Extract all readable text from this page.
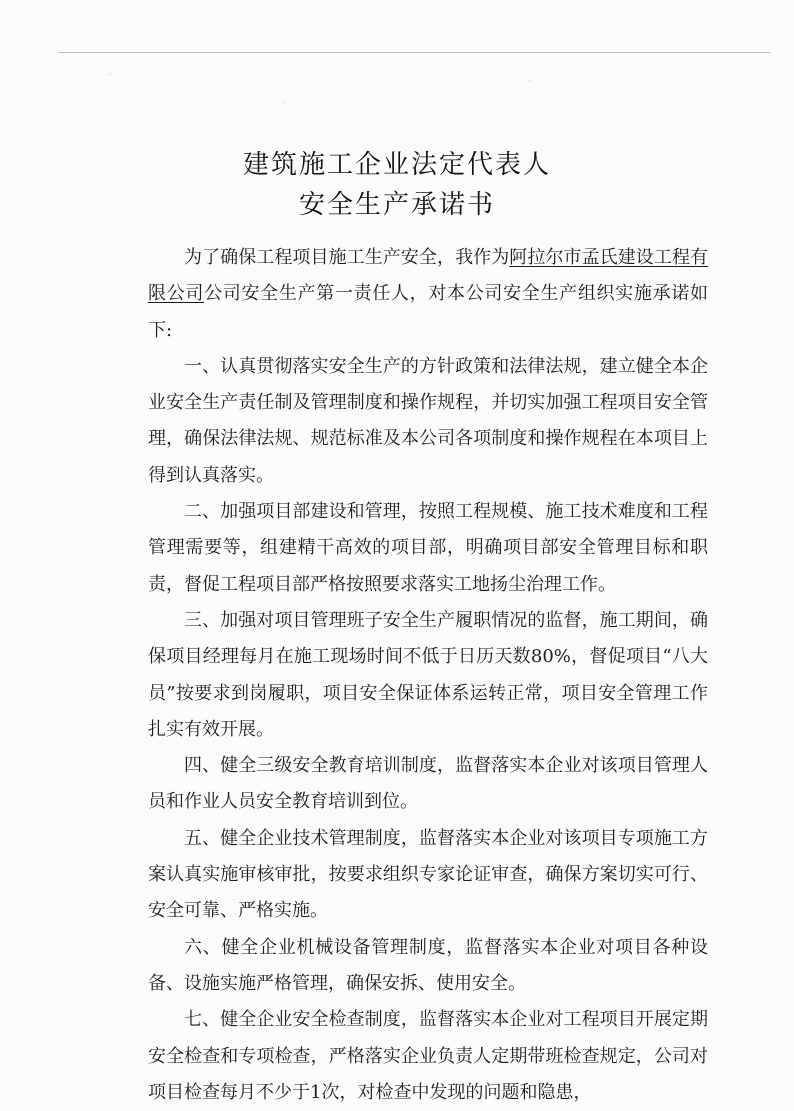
建筑施工企业法定代表人
安全生产承诺书

为了确保工程项目施工生产安全，我作为阿拉尔市孟氏建设工程有限公司公司安全生产第一责任人，对本公司安全生产组织实施承诺如下:

一、认真贯彻落实安全生产的方针政策和法律法规，建立健全本企业安全生产责任制及管理制度和操作规程，并切实加强工程项目安全管理，确保法律法规、规范标准及本公司各项制度和操作规程在本项目上得到认真落实。

二、加强项目部建设和管理，按照工程规模、施工技术难度和工程管理需要等，组建精干高效的项目部，明确项目部安全管理目标和职责，督促工程项目部严格按照要求落实工地扬尘治理工作。

三、加强对项目管理班子安全生产履职情况的监督，施工期间，确保项目经理每月在施工现场时间不低于日历天数80%，督促项目“八大员”按要求到岗履职，项目安全保证体系运转正常，项目安全管理工作扎实有效开展。

四、健全三级安全教育培训制度，监督落实本企业对该项目管理人员和作业人员安全教育培训到位。

五、健全企业技术管理制度，监督落实本企业对该项目专项施工方案认真实施审核审批，按要求组织专家论证审查，确保方案切实可行、安全可靠、严格实施。

六、健全企业机械设备管理制度，监督落实本企业对项目各种设备、设施实施严格管理，确保安拆、使用安全。

七、健全企业安全检查制度，监督落实本企业对工程项目开展定期安全检查和专项检查，严格落实企业负责人定期带班检查规定，公司对项目检查每月不少于1次，对检查中发现的问题和隐患，
